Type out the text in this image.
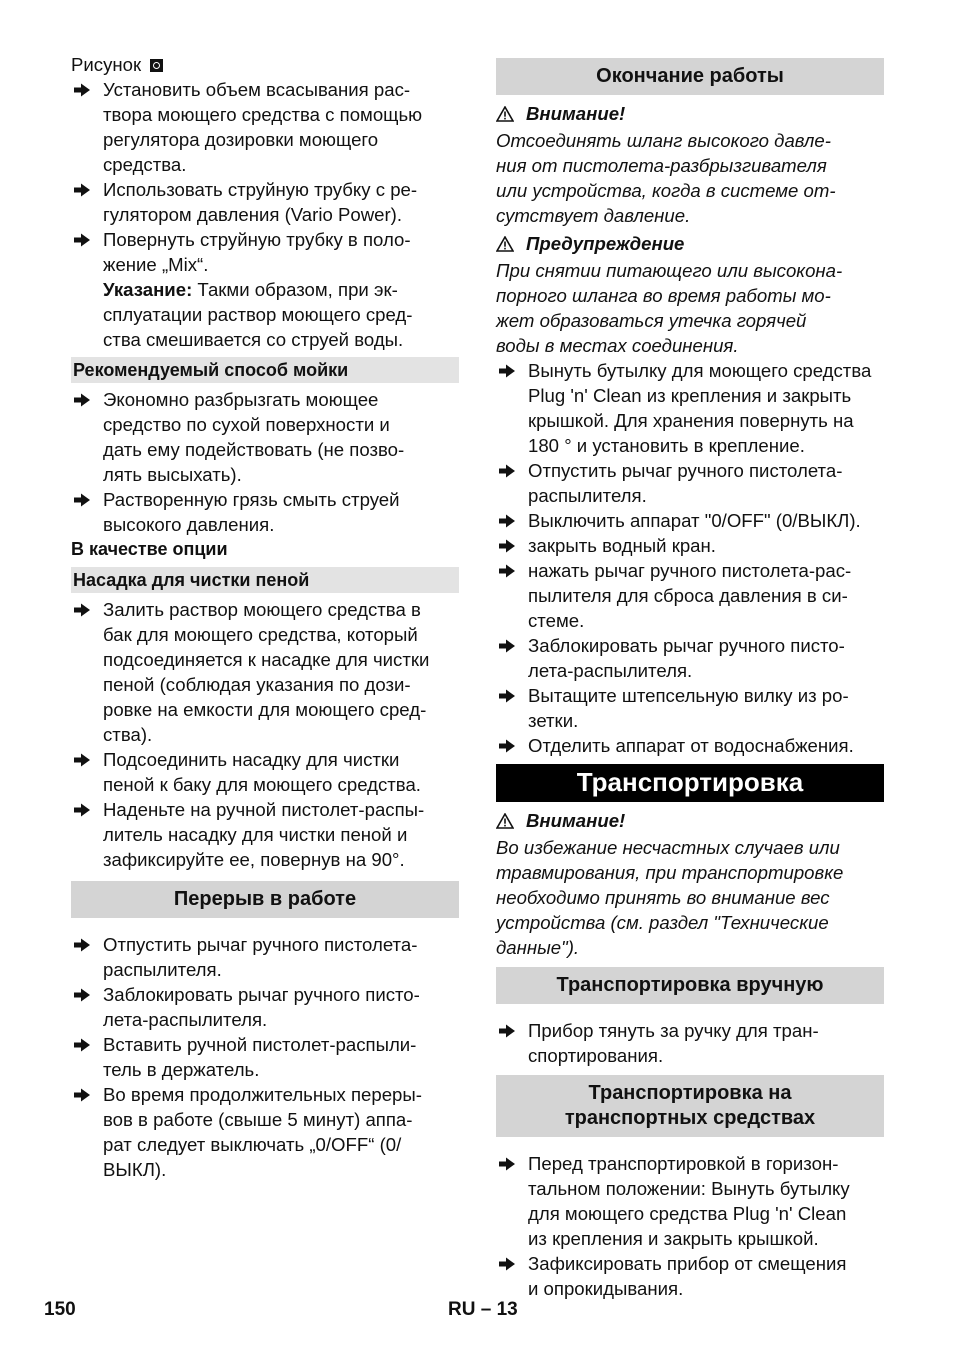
Рисунок
Установить объем всасывания рас-
твора моющего средства с помощью
регулятора дозировки моющего
средства.
Использовать струйную трубку с ре-
гулятором давления (Vario Power).
Повернуть струйную трубку в поло-
жение „Mix“.
Указание: Такми образом, при эк-
сплуатации раствор моющего сред-
ства смешивается со струей воды.
Рекомендуемый способ мойки
Экономно разбрызгать моющее
средство по сухой поверхности и
дать ему подействовать (не позво-
лять высыхать).
Растворенную грязь смыть струей
высокого давления.
В качестве опции
Насадка для чистки пеной
Залить раствор моющего средства в
бак для моющего средства, который
подсоединяется к насадке для чистки
пеной (соблюдая указания по дози-
ровке на емкости для моющего сред-
ства).
Подсоединить насадку для чистки
пеной к баку для моющего средства.
Наденьте на ручной пистолет-распы-
литель насадку для чистки пеной и
зафиксируйте ее, повернув на 90°.
Перерыв в работе
Отпустить рычаг ручного пистолета-
распылителя.
Заблокировать рычаг ручного писто-
лета-распылителя.
Вставить ручной пистолет-распыли-
тель в держатель.
Во время продолжительных переры-
вов в работе (свыше 5 минут) аппа-
рат следует выключать „0/OFF“ (0/
ВЫКЛ).
Окончание работы
Внимание!
Отсоединять шланг высокого давле-
ния от пистолета-разбрызгивателя
или устройства, когда в системе от-
сутствует давление.
Предупреждение
При снятии питающего или высокона-
порного шланга во время работы мо-
жет образоваться утечка горячей
воды в местах соединения.
Вынуть бутылку для моющего средства
Plug 'n' Clean из крепления и закрыть
крышкой. Для хранения повернуть на
180 ° и установить в крепление.
Отпустить рычаг ручного пистолета-
распылителя.
Выключить аппарат "0/OFF" (0/ВЫКЛ).
закрыть водный кран.
нажать рычаг ручного пистолета-рас-
пылителя для сброса давления в си-
стеме.
Заблокировать рычаг ручного писто-
лета-распылителя.
Вытащите штепсельную вилку из ро-
зетки.
Отделить аппарат от водоснабжения.
Транспортировка
Внимание!
Во избежание несчастных случаев или
травмирования, при транспортировке
необходимо принять во внимание вес
устройства (см. раздел "Технические
данные").
Транспортировка вручную
Прибор тянуть за ручку для тран-
спортирования.
Транспортировка на
транспортных средствах
Перед транспортировкой в горизон-
тальном положении: Вынуть бутылку
для моющего средства Plug 'n' Clean
из крепления и закрыть крышкой.
Зафиксировать прибор от смещения
и опрокидывания.
150	RU – 13
